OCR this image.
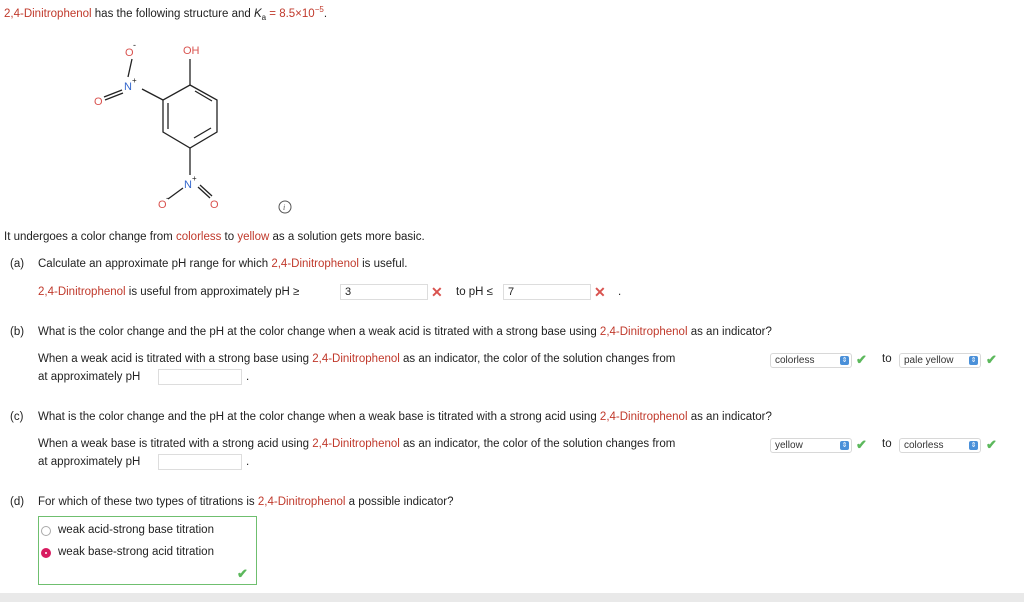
2,4-Dinitrophenol has the following structure and $K_a = 8.5\times 10^{-5}$.
OH
O
-
N
+
O
N
+
O
-
O	i
It undergoes a color change from colorless to yellow as a solution gets more basic.
(a) Calculate an approximate pH range for which 2,4-Dinitrophenol is useful.
2,4-Dinitrophenol is useful from approximately pH ≥	3	✕ to pH ≤	7	✕ .
(b) What is the color change and the pH at the color change when a weak acid is titrated with a strong base using 2,4-Dinitrophenol as an indicator?
When a weak acid is titrated with a strong base using 2,4-Dinitrophenol as an indicator, the color of the solution changes from	colorless	⇕ ✔ to	pale yellow ⇕ ✔
at approximately pH	.
(c) What is the color change and the pH at the color change when a weak base is titrated with a strong acid using 2,4-Dinitrophenol as an indicator?
When a weak base is titrated with a strong acid using 2,4-Dinitrophenol as an indicator, the color of the solution changes from	yellow	⇕ ✔ to	colorless	⇕ ✔
at approximately pH	.
(d) For which of these two types of titrations is 2,4-Dinitrophenol a possible indicator?
weak acid-strong base titration
weak base-strong acid titration
✔
